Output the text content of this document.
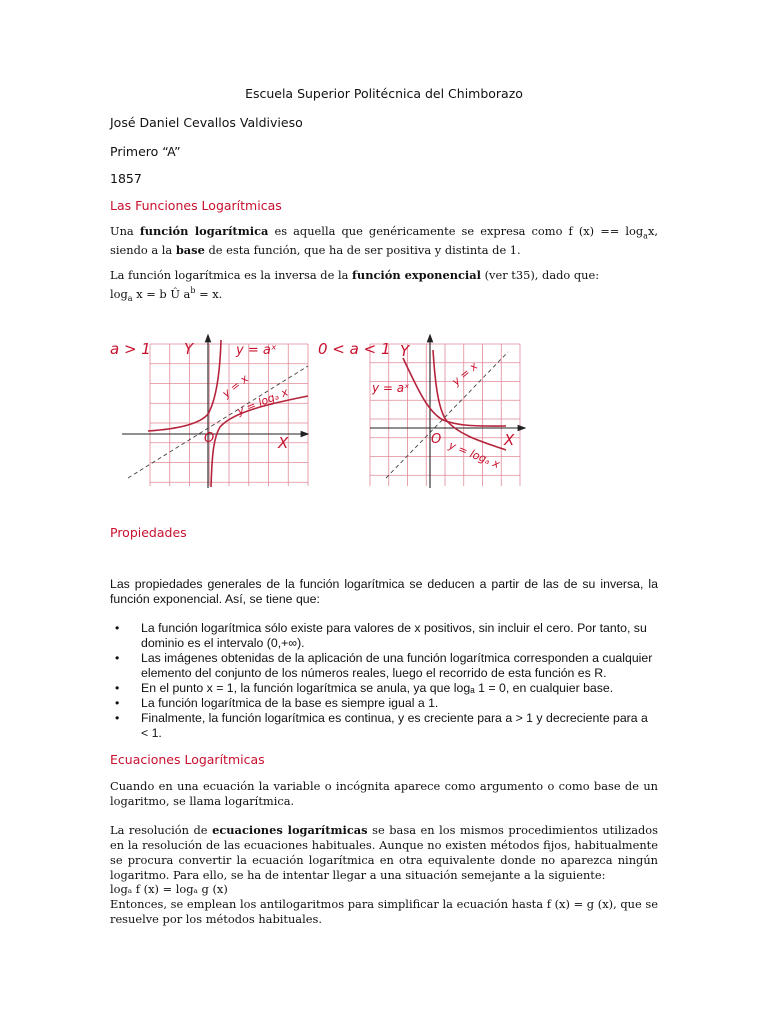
Escuela Superior Politécnica del Chimborazo
José Daniel Cevallos Valdivieso
Primero “A”
1857
Las Funciones Logarítmicas
Una función logarítmica es aquella que genéricamente se expresa como f $(x) == \log_ax$, siendo a la base de esta función, que ha de ser positiva y distinta de 1.
La función logarítmica es la inversa de la función exponencial (ver t35), dado que:
$\log_a x = b$ Û $a^b = x$.
a > 1 Y	y = aˣ
y = x
y = logₐ x
O	X
0 < a < 1 Y
y = aˣ	y = x
y = logₐ x
O	X
Propiedades
Las propiedades generales de la función logarítmica se deducen a partir de las de su inversa, la función exponencial. Así, se tiene que:
• La función logarítmica sólo existe para valores de x positivos, sin incluir el cero. Por tanto, su dominio es el intervalo (0,+∞).
• Las imágenes obtenidas de la aplicación de una función logarítmica corresponden a cualquier elemento del conjunto de los números reales, luego el recorrido de esta función es R.
• En el punto x = 1, la función logarítmica se anula, ya que logₐ 1 = 0, en cualquier base.
• La función logarítmica de la base es siempre igual a 1.
• Finalmente, la función logarítmica es continua, y es creciente para a > 1 y decreciente para a < 1.
Ecuaciones Logarítmicas
Cuando en una ecuación la variable o incógnita aparece como argumento o como base de un logaritmo, se llama logarítmica.
La resolución de ecuaciones logarítmicas se basa en los mismos procedimientos utilizados en la resolución de las ecuaciones habituales. Aunque no existen métodos fijos, habitualmente se procura convertir la ecuación logarítmica en otra equivalente donde no aparezca ningún logaritmo. Para ello, se ha de intentar llegar a una situación semejante a la siguiente:
logₐ f (x) = logₐ g (x)
Entonces, se emplean los antilogaritmos para simplificar la ecuación hasta f (x) = g (x), que se resuelve por los métodos habituales.
